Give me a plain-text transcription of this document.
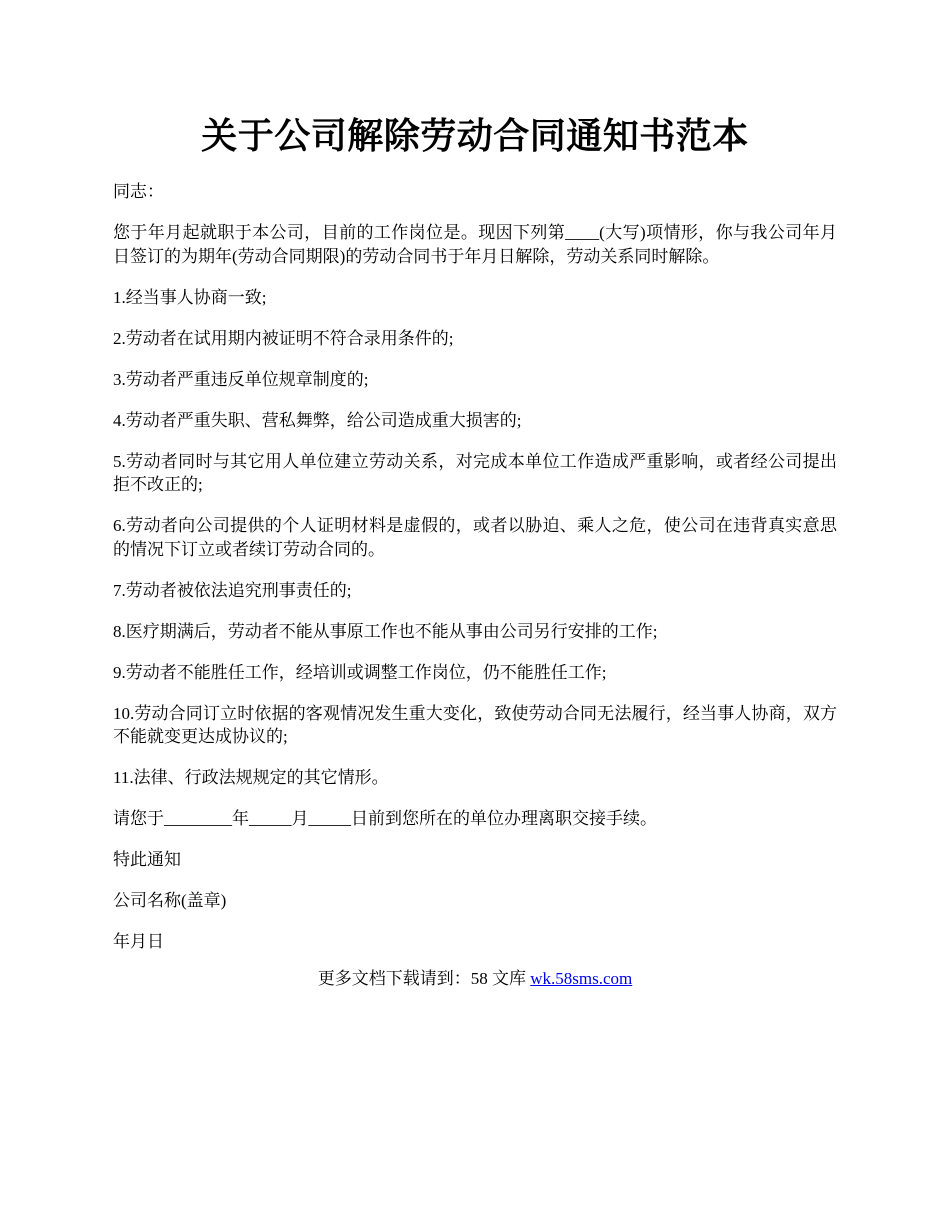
关于公司解除劳动合同通知书范本

同志：

您于年月起就职于本公司，目前的工作岗位是。现因下列第____(大写)项情形，你与我公司年月日签订的为期年(劳动合同期限)的劳动合同书于年月日解除，劳动关系同时解除。

1.经当事人协商一致;

2.劳动者在试用期内被证明不符合录用条件的;

3.劳动者严重违反单位规章制度的;

4.劳动者严重失职、营私舞弊，给公司造成重大损害的;

5.劳动者同时与其它用人单位建立劳动关系，对完成本单位工作造成严重影响，或者经公司提出拒不改正的;

6.劳动者向公司提供的个人证明材料是虚假的，或者以胁迫、乘人之危，使公司在违背真实意思的情况下订立或者续订劳动合同的。

7.劳动者被依法追究刑事责任的;

8.医疗期满后，劳动者不能从事原工作也不能从事由公司另行安排的工作;

9.劳动者不能胜任工作，经培训或调整工作岗位，仍不能胜任工作;

10.劳动合同订立时依据的客观情况发生重大变化，致使劳动合同无法履行，经当事人协商，双方不能就变更达成协议的;

11.法律、行政法规规定的其它情形。

请您于________年_____月_____日前到您所在的单位办理离职交接手续。

特此通知

公司名称(盖章)

年月日

更多文档下载请到：58 文库 wk.58sms.com
